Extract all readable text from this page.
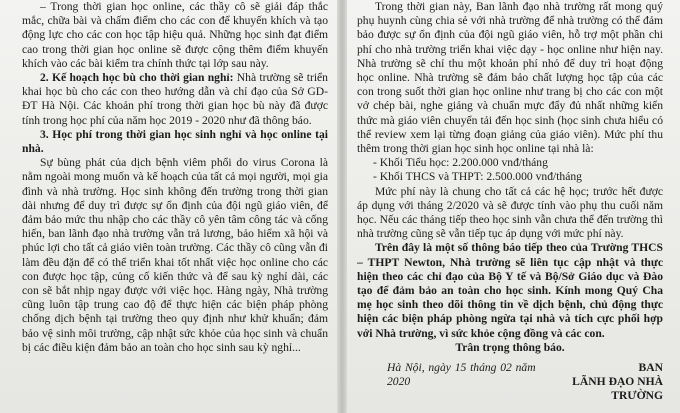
– Trong thời gian học online, các thầy cô sẽ giải đáp thắc mắc, chữa bài và chấm điểm cho các con để khuyến khích và tạo động lực cho các con học tập hiệu quả. Những học sinh đạt điểm cao trong thời gian học online sẽ được cộng thêm điểm khuyến khích vào các bài kiểm tra chính thức tại lớp sau này.

2. Kế hoạch học bù cho thời gian nghỉ: Nhà trường sẽ triển khai học bù cho các con theo hướng dẫn và chỉ đạo của Sở GD-ĐT Hà Nội. Các khoản phí trong thời gian học bù này đã được tính trong học phí của năm học 2019 - 2020 như đã thông báo.

3. Học phí trong thời gian học sinh nghỉ và học online tại nhà.

Sự bùng phát của dịch bệnh viêm phổi do virus Corona là nằm ngoài mong muốn và kế hoạch của tất cả mọi người, mọi gia đình và nhà trường. Học sinh không đến trường trong thời gian dài nhưng để duy trì được sự ổn định của đội ngũ giáo viên, để đảm bảo mức thu nhập cho các thầy cô yên tâm công tác và cống hiến, ban lãnh đạo nhà trường vẫn trả lương, bảo hiểm xã hội và phúc lợi cho tất cả giáo viên toàn trường. Các thầy cô cũng vẫn đi làm đều đặn để có thể triển khai tốt nhất việc học online cho các con được học tập, củng cố kiến thức và để sau kỳ nghỉ dài, các con sẽ bắt nhịp ngay được với việc học. Hàng ngày, Nhà trường cũng luôn tập trung cao độ để thực hiện các biện pháp phòng chống dịch bệnh tại trường theo quy định như khử khuẩn; đảm bảo vệ sinh môi trường, cập nhật sức khỏe của học sinh và chuẩn bị các điều kiện đảm bảo an toàn cho học sinh sau kỳ nghỉ...

Trong thời gian này, Ban lãnh đạo nhà trường rất mong quý phụ huynh cùng chia sẻ với nhà trường để nhà trường có thể đảm bảo được sự ổn định của đội ngũ giáo viên, hỗ trợ một phần chi phí cho nhà trường triển khai việc dạy - học online như hiện nay. Nhà trường sẽ chỉ thu một khoản phí nhỏ để duy trì hoạt động học online. Nhà trường sẽ đảm bảo chất lượng học tập của các con trong suốt thời gian học online như trang bị cho các con một vở chép bài, nghe giảng và chuẩn mực đẩy đủ nhất những kiến thức mà giáo viên chuyển tải đến học sinh (học sinh chưa hiểu có thể review xem lại từng đoạn giảng của giáo viên). Mức phí thu thêm trong thời gian học sinh học online tại nhà là:

- Khối Tiểu học: 2.200.000 vnđ/tháng

- Khối THCS và THPT: 2.500.000 vnđ/tháng

Mức phí này là chung cho tất cả các hệ học; trước hết được áp dụng với tháng 2/2020 và sẽ được tính vào phụ thu cuối năm học. Nếu các tháng tiếp theo học sinh vẫn chưa thể đến trường thì nhà trường cũng sẽ vẫn tiếp tục áp dụng với mức phí này.

Trên đây là một số thông báo tiếp theo của Trường THCS – THPT Newton, Nhà trường sẽ liên tục cập nhật và thực hiện theo các chỉ đạo của Bộ Y tế và Bộ/Sở Giáo dục và Đào tạo để đảm bảo an toàn cho học sinh. Kính mong Quý Cha mẹ học sinh theo dõi thông tin về dịch bệnh, chủ động thực hiện các biện pháp phòng ngừa tại nhà và tích cực phối hợp với Nhà trường, vì sức khỏe cộng đồng và các con.

Trân trọng thông báo.

Hà Nội, ngày 15 tháng 02 năm 2020
BAN
LÃNH ĐẠO NHÀ TRƯỜNG
